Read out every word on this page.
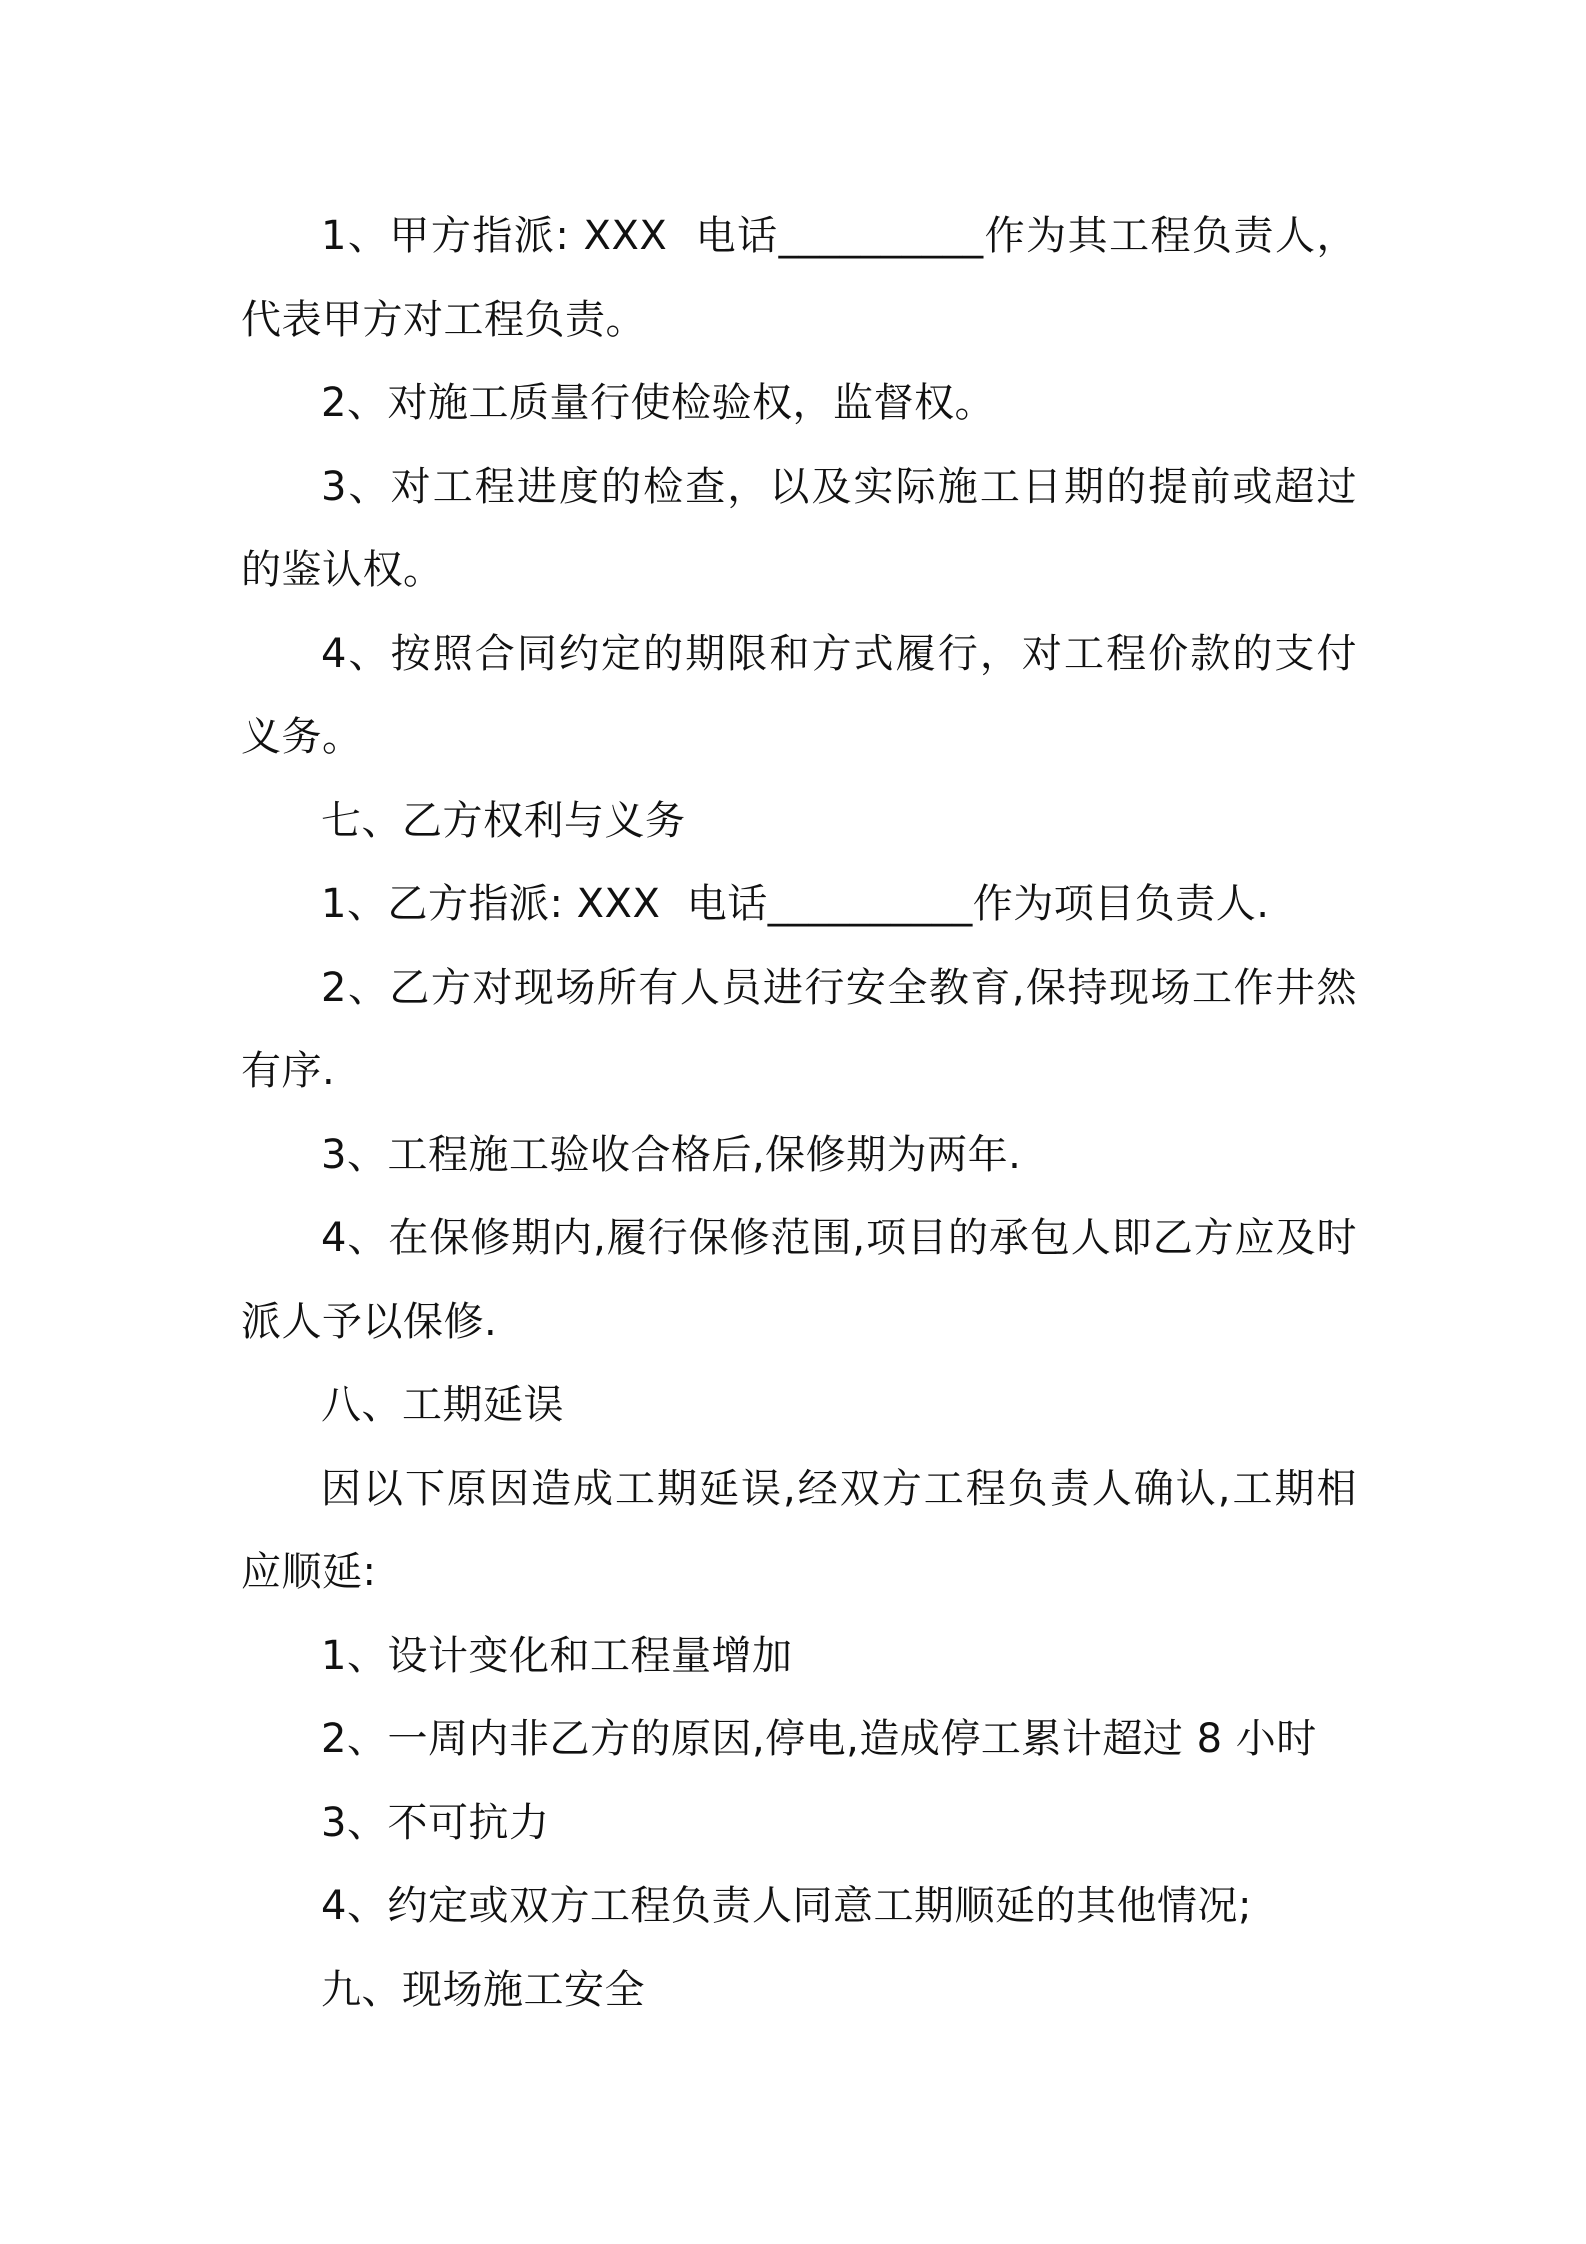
1、甲方指派: XXX  电话__________作为其工程负责人，代表甲方对工程负责。

2、对施工质量行使检验权，监督权。

3、对工程进度的检查，以及实际施工日期的提前或超过的鉴认权。

4、按照合同约定的期限和方式履行，对工程价款的支付义务。

七、乙方权利与义务

1、乙方指派: XXX  电话__________作为项目负责人.

2、乙方对现场所有人员进行安全教育,保持现场工作井然有序.

3、工程施工验收合格后,保修期为两年.

4、在保修期内,履行保修范围,项目的承包人即乙方应及时派人予以保修.

八、工期延误

因以下原因造成工期延误,经双方工程负责人确认,工期相应顺延:

1、设计变化和工程量增加

2、一周内非乙方的原因,停电,造成停工累计超过 8 小时

3、不可抗力

4、约定或双方工程负责人同意工期顺延的其他情况;

九、现场施工安全
